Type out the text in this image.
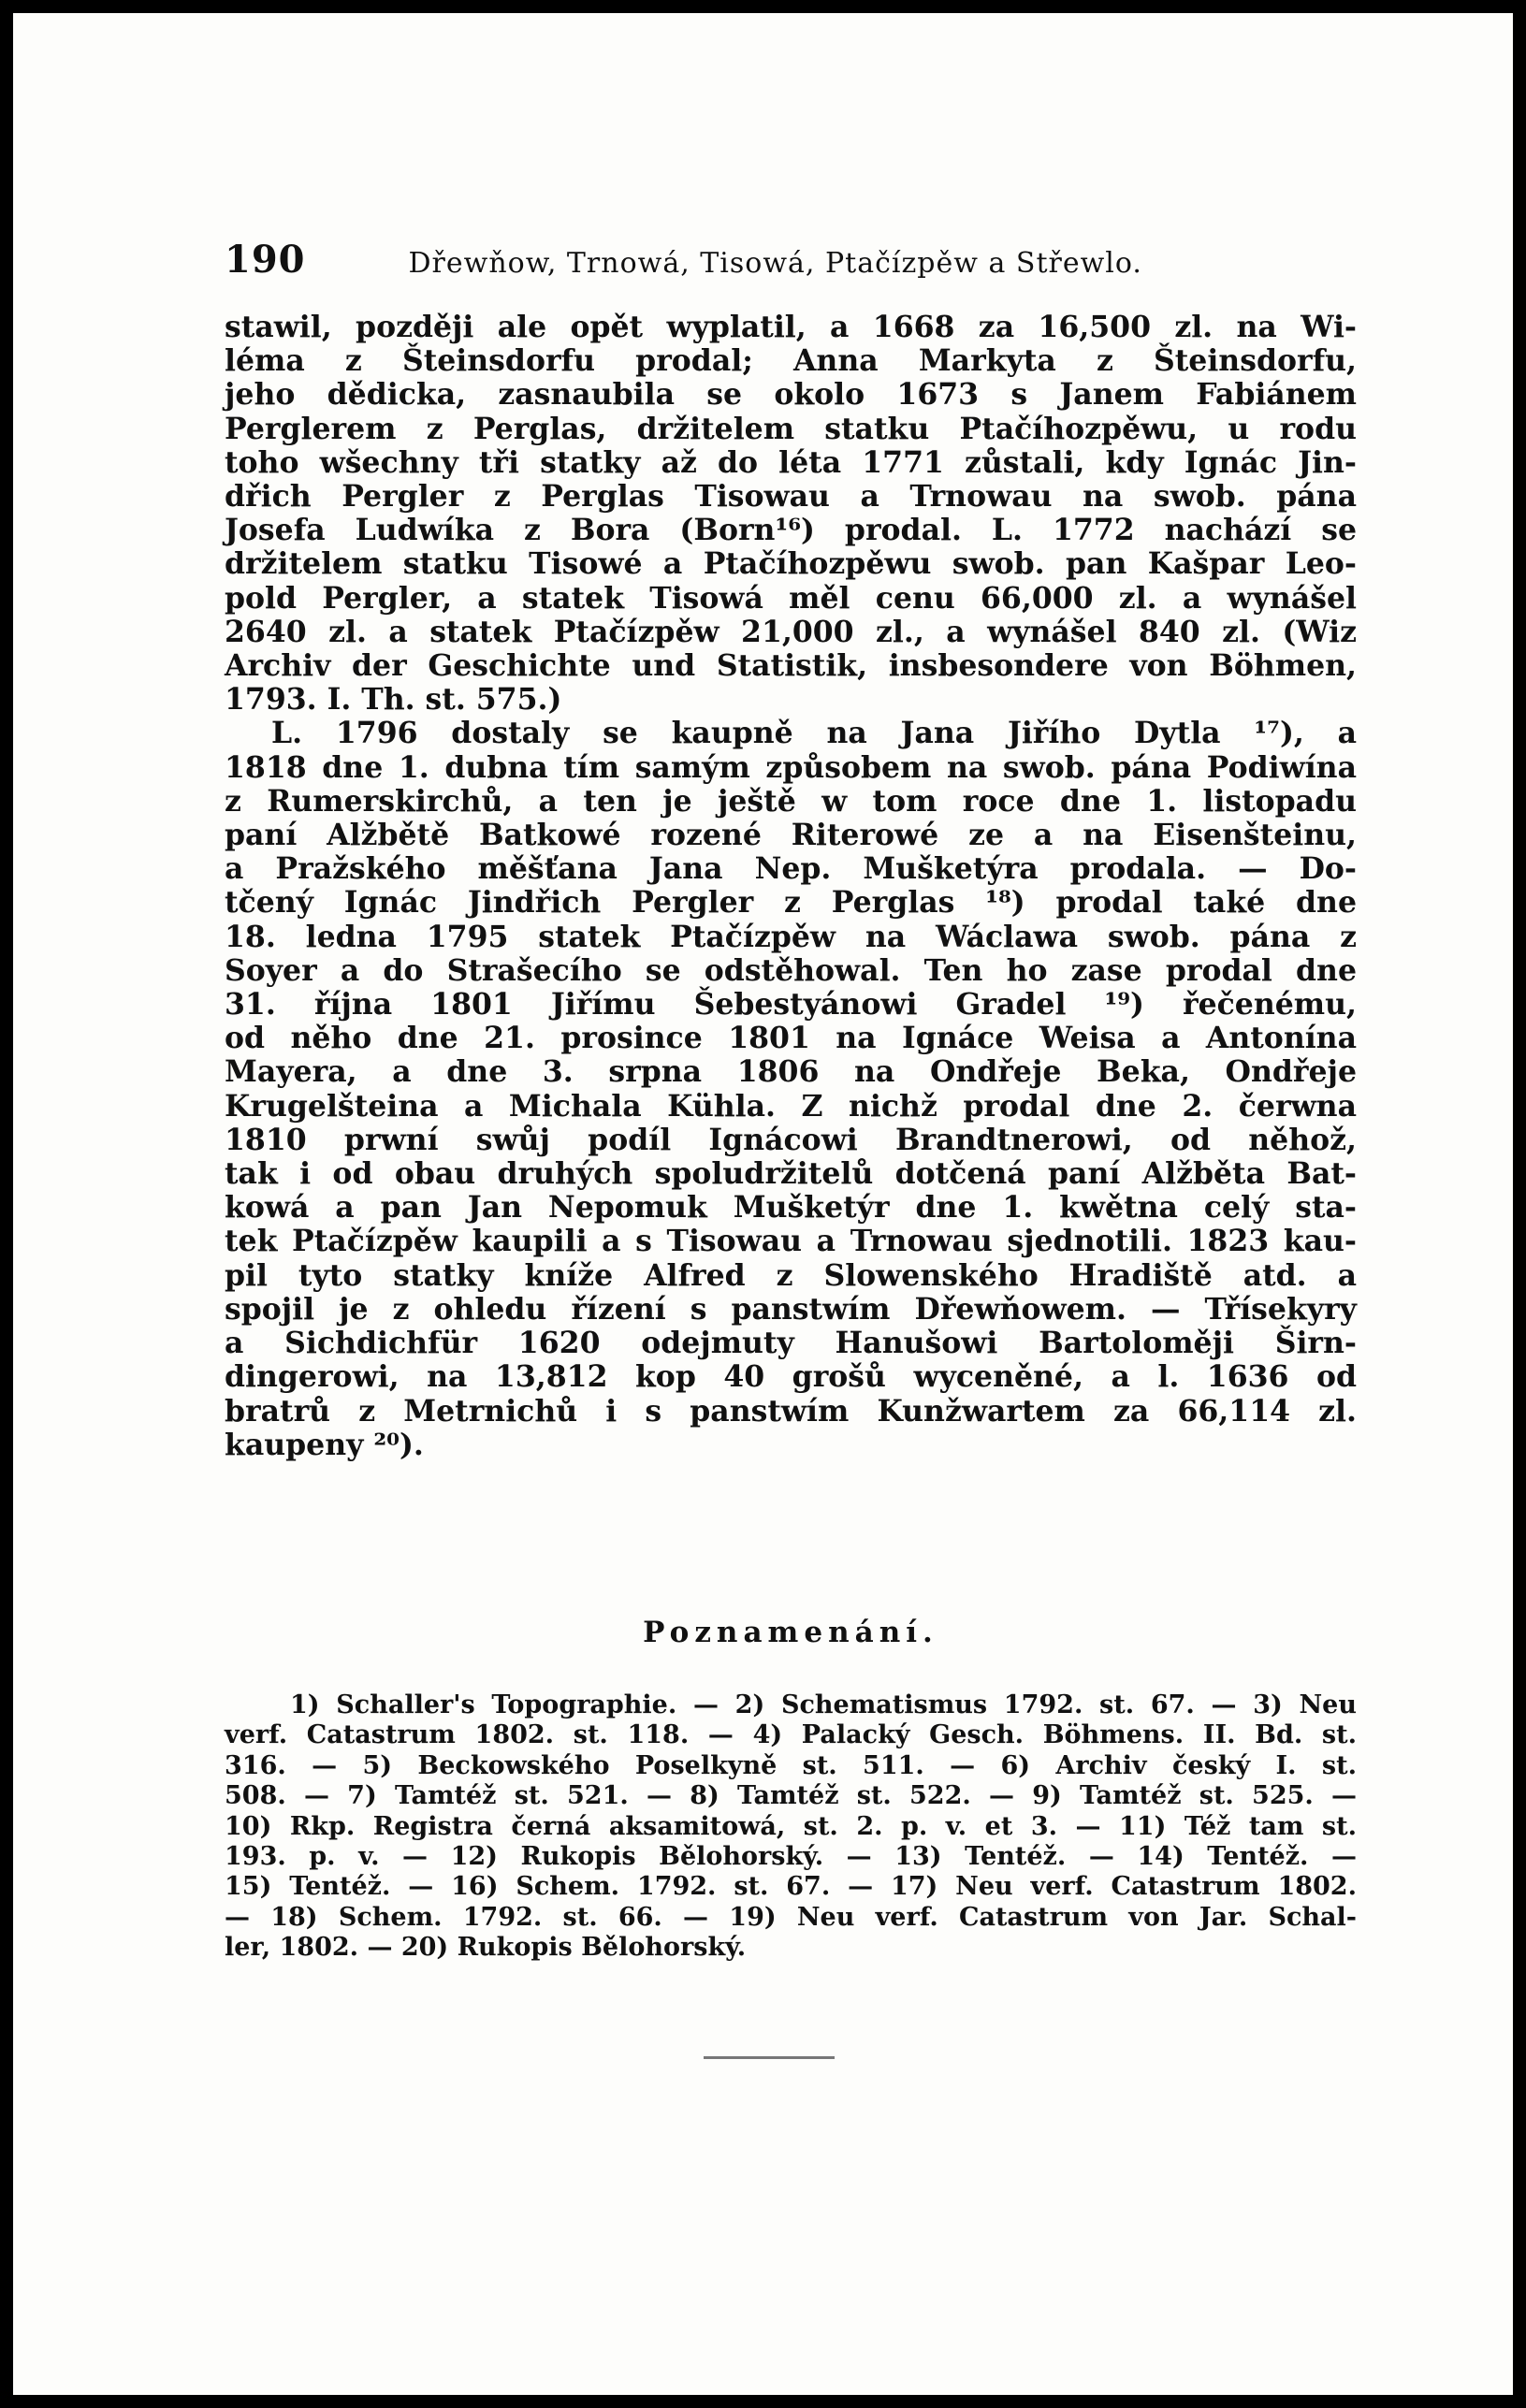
190	Dřewňow, Trnowá, Tisowá, Ptačízpěw a Střewlo.
stawil, později ale opět wyplatil, a 1668 za 16,500 zl. na Wi-
léma z Šteinsdorfu prodal; Anna Markyta z Šteinsdorfu,
jeho dědicka, zasnaubila se okolo 1673 s Janem Fabiánem
Perglerem z Perglas, držitelem statku Ptačíhozpěwu, u rodu
toho wšechny tři statky až do léta 1771 zůstali, kdy Ignác Jin-
dřich Pergler z Perglas Tisowau a Trnowau na swob. pána
Josefa Ludwíka z Bora (Born¹⁶) prodal. L. 1772 nachází se
držitelem statku Tisowé a Ptačíhozpěwu swob. pan Kašpar Leo-
pold Pergler, a statek Tisowá měl cenu 66,000 zl. a wynášel
2640 zl. a statek Ptačízpěw 21,000 zl., a wynášel 840 zl. (Wiz
Archiv der Geschichte und Statistik, insbesondere von Böhmen,
1793. I. Th. st. 575.)
L. 1796 dostaly se kaupně na Jana Jiřího Dytla ¹⁷), a
1818 dne 1. dubna tím samým způsobem na swob. pána Podiwína
z Rumerskirchů, a ten je ještě w tom roce dne 1. listopadu
paní Alžbětě Batkowé rozené Riterowé ze a na Eisenšteinu,
a Pražského měšťana Jana Nep. Mušketýra prodala. — Do-
tčený Ignác Jindřich Pergler z Perglas ¹⁸) prodal také dne
18. ledna 1795 statek Ptačízpěw na Wáclawa swob. pána z
Soyer a do Strašecího se odstěhowal. Ten ho zase prodal dne
31. října 1801 Jiřímu Šebestyánowi Gradel ¹⁹) řečenému,
od něho dne 21. prosince 1801 na Ignáce Weisa a Antonína
Mayera, a dne 3. srpna 1806 na Ondřeje Beka, Ondřeje
Krugelšteina a Michala Kühla. Z nichž prodal dne 2. čerwna
1810 prwní swůj podíl Ignácowi Brandtnerowi, od něhož,
tak i od obau druhých spoludržitelů dotčená paní Alžběta Bat-
kowá a pan Jan Nepomuk Mušketýr dne 1. kwětna celý sta-
tek Ptačízpěw kaupili a s Tisowau a Trnowau sjednotili. 1823 kau-
pil tyto statky kníže Alfred z Slowenského Hradiště atd. a
spojil je z ohledu řízení s panstwím Dřewňowem. — Třísekyry
a Sichdichfür 1620 odejmuty Hanušowi Bartoloměji Širn-
dingerowi, na 13,812 kop 40 grošů wyceněné, a l. 1636 od
bratrů z Metrnichů i s panstwím Kunžwartem za 66,114 zl.
kaupeny ²⁰).
Poznamenání.
1) Schaller's Topographie. — 2) Schematismus 1792. st. 67. — 3) Neu
verf. Catastrum 1802. st. 118. — 4) Palacký Gesch. Böhmens. II. Bd. st.
316. — 5) Beckowského Poselkyně st. 511. — 6) Archiv český I. st.
508. — 7) Tamtéž st. 521. — 8) Tamtéž st. 522. — 9) Tamtéž st. 525. —
10) Rkp. Registra černá aksamitowá, st. 2. p. v. et 3. — 11) Též tam st.
193. p. v. — 12) Rukopis Bělohorský. — 13) Tentéž. — 14) Tentéž. —
15) Tentéž. — 16) Schem. 1792. st. 67. — 17) Neu verf. Catastrum 1802.
— 18) Schem. 1792. st. 66. — 19) Neu verf. Catastrum von Jar. Schal-
ler, 1802. — 20) Rukopis Bělohorský.
